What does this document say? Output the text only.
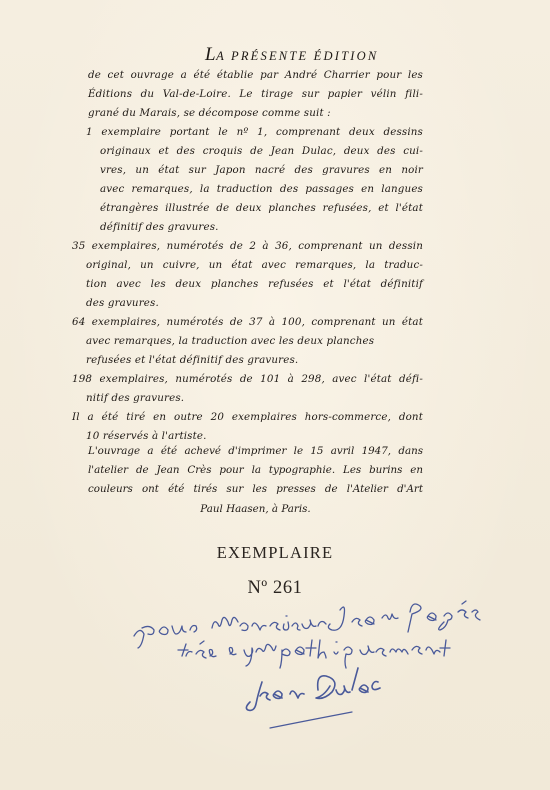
LA PRÉSENTE ÉDITION
de cet ouvrage a été établie par André Charrier pour les
Éditions du Val-de-Loire. Le tirage sur papier vélin fili-
grané du Marais, se décompose comme suit :
1 exemplaire portant le nº 1, comprenant deux dessins
originaux et des croquis de Jean Dulac, deux des cui-
vres, un état sur Japon nacré des gravures en noir
avec remarques, la traduction des passages en langues
étrangères illustrée de deux planches refusées, et l'état
définitif des gravures.
35 exemplaires, numérotés de 2 à 36, comprenant un dessin
original, un cuivre, un état avec remarques, la traduc-
tion avec les deux planches refusées et l'état définitif
des gravures.
64 exemplaires, numérotés de 37 à 100, comprenant un état
avec remarques, la traduction avec les deux planches
refusées et l'état définitif des gravures.
198 exemplaires, numérotés de 101 à 298, avec l'état défi-
nitif des gravures.
Il a été tiré en outre 20 exemplaires hors-commerce, dont
10 réservés à l'artiste.
L'ouvrage a été achevé d'imprimer le 15 avril 1947, dans
l'atelier de Jean Crès pour la typographie. Les burins en
couleurs ont été tirés sur les presses de l'Atelier d'Art
Paul Haasen, à Paris.
EXEMPLAIRE
Nº 261
